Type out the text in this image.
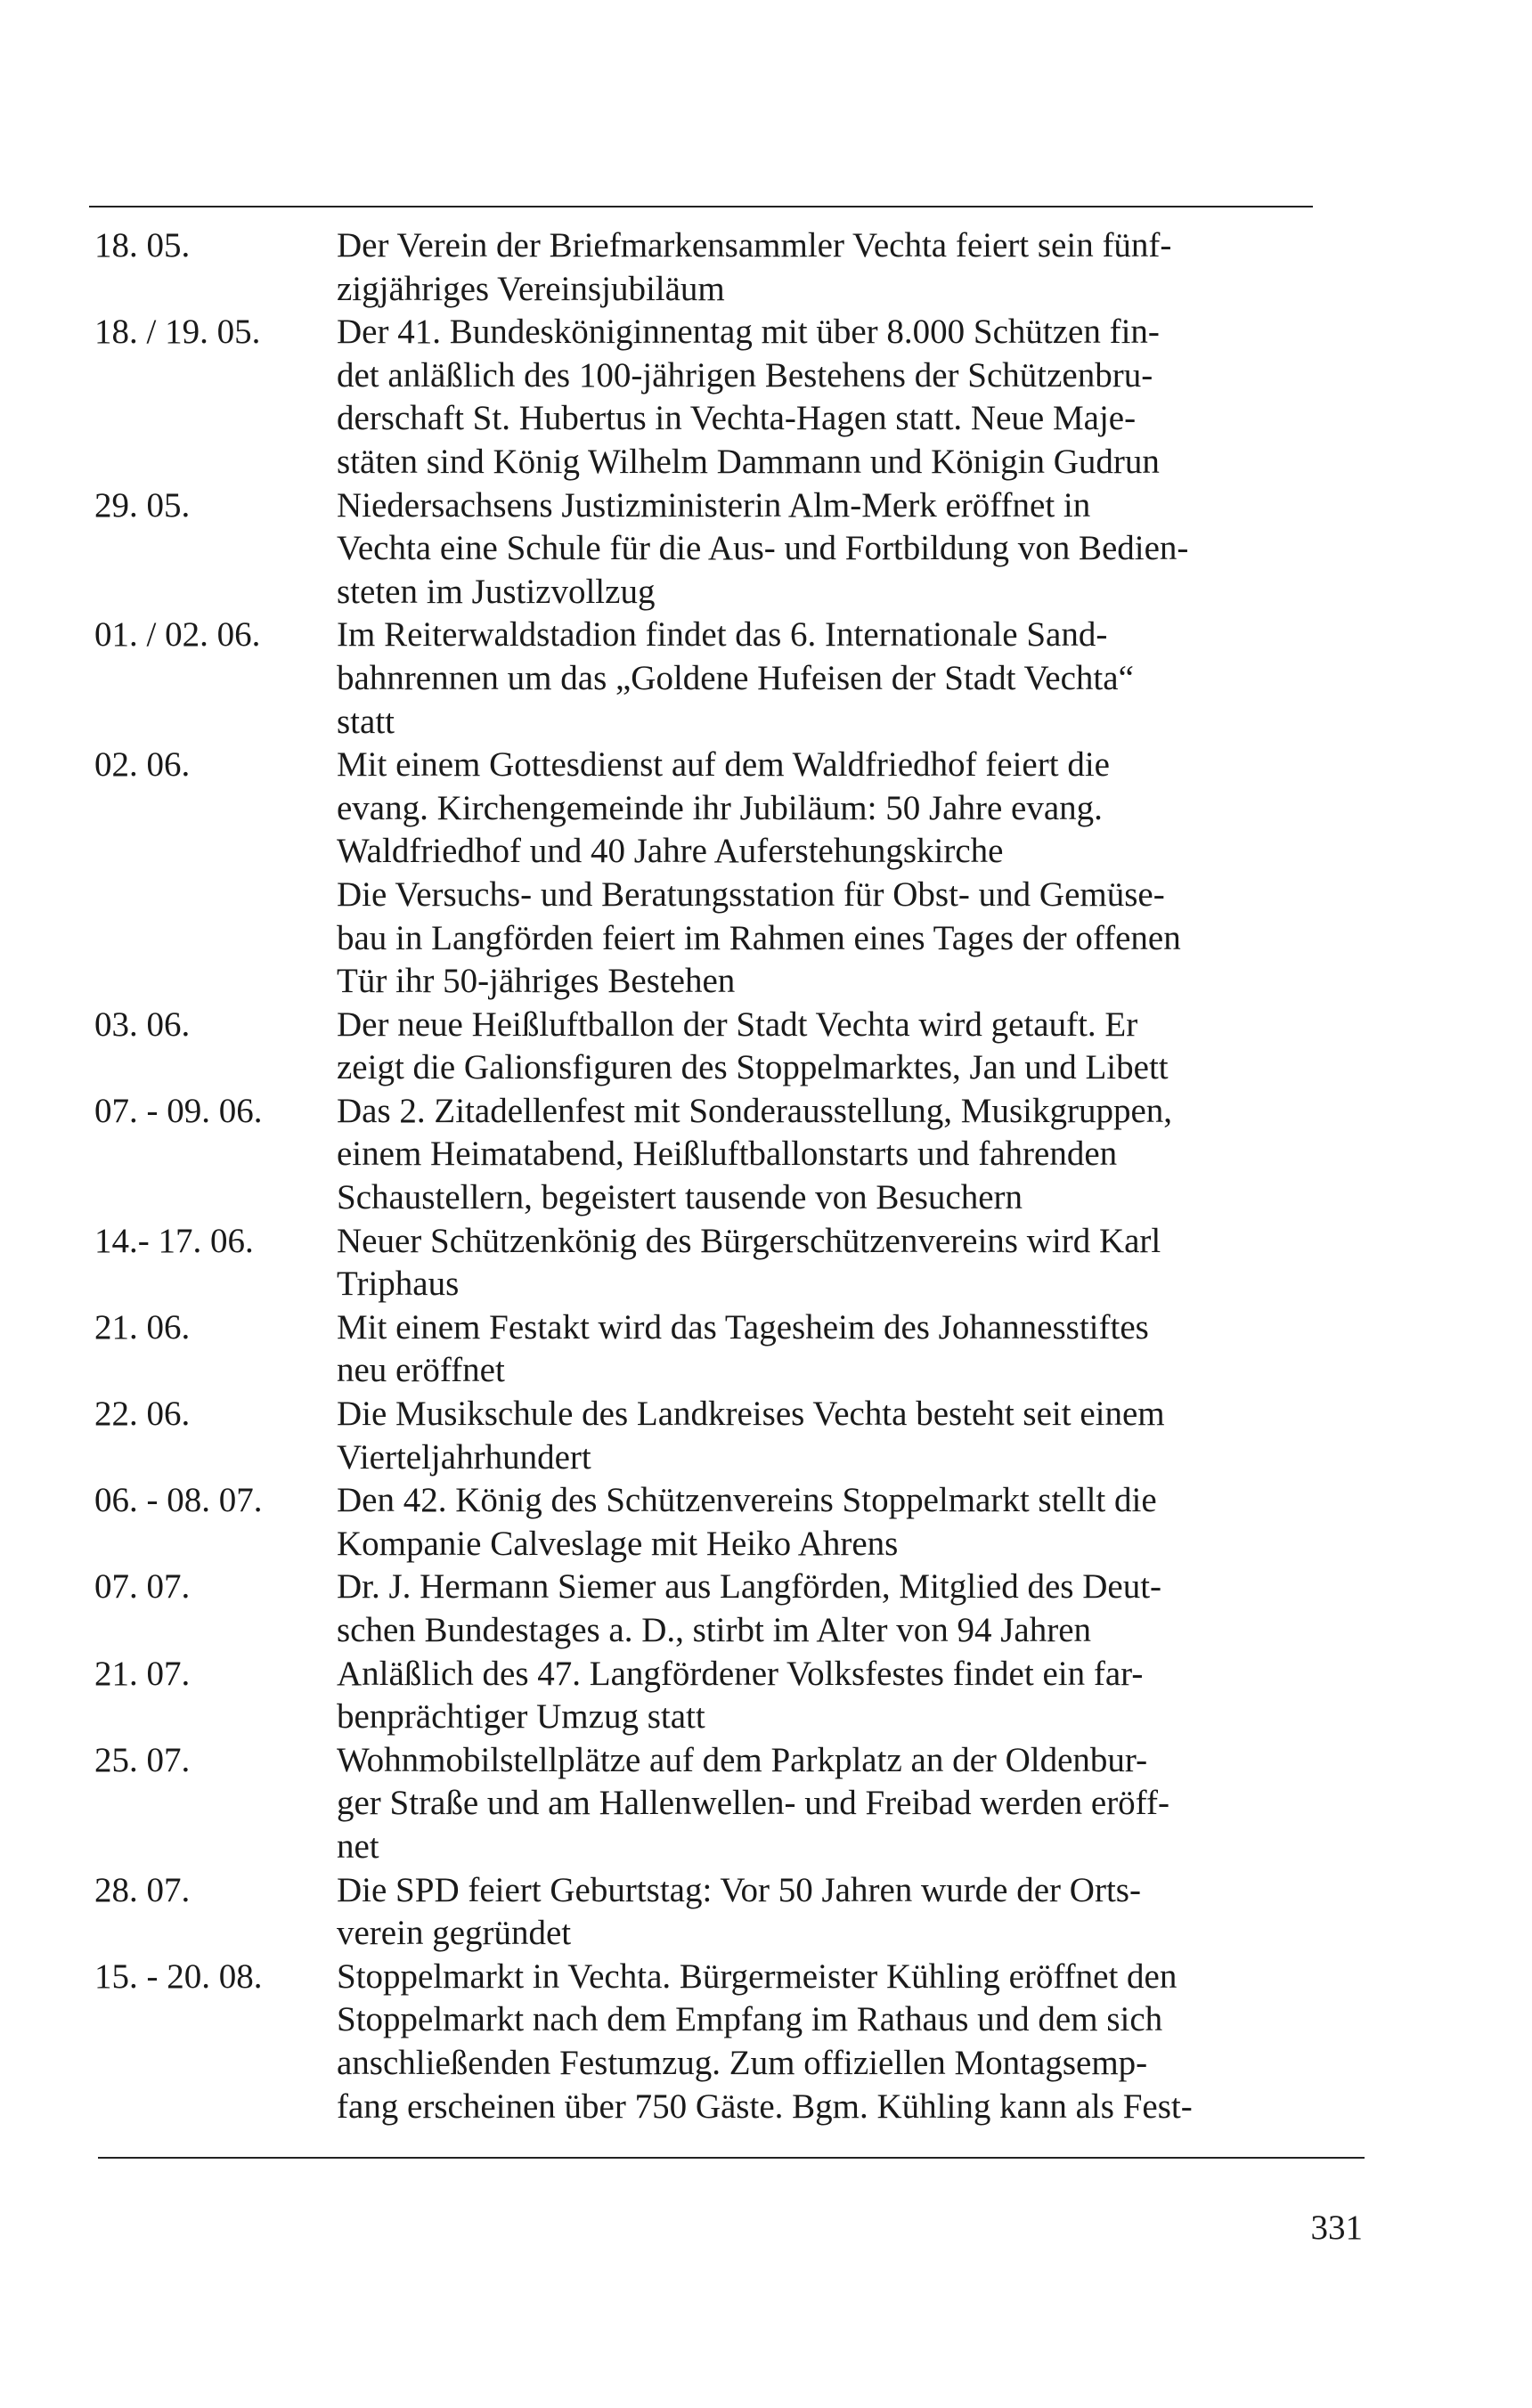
18. 05.	Der Verein der Briefmarkensammler Vechta feiert sein fünf-
zigjähriges Vereinsjubiläum
18. / 19. 05.	Der 41. Bundesköniginnentag mit über 8.000 Schützen fin-
det anläßlich des 100-jährigen Bestehens der Schützenbru-
derschaft St. Hubertus in Vechta-Hagen statt. Neue Maje-
stäten sind König Wilhelm Dammann und Königin Gudrun
29. 05.	Niedersachsens Justizministerin Alm-Merk eröffnet in
Vechta eine Schule für die Aus- und Fortbildung von Bedien-
steten im Justizvollzug
01. / 02. 06.	Im Reiterwaldstadion findet das 6. Internationale Sand-
bahnrennen um das „Goldene Hufeisen der Stadt Vechta“
statt
02. 06.	Mit einem Gottesdienst auf dem Waldfriedhof feiert die
evang. Kirchengemeinde ihr Jubiläum: 50 Jahre evang.
Waldfriedhof und 40 Jahre Auferstehungskirche
Die Versuchs- und Beratungsstation für Obst- und Gemüse-
bau in Langförden feiert im Rahmen eines Tages der offenen
Tür ihr 50-jähriges Bestehen
03. 06.	Der neue Heißluftballon der Stadt Vechta wird getauft. Er
zeigt die Galionsfiguren des Stoppelmarktes, Jan und Libett
07. - 09. 06.	Das 2. Zitadellenfest mit Sonderausstellung, Musikgruppen,
einem Heimatabend, Heißluftballonstarts und fahrenden
Schaustellern, begeistert tausende von Besuchern
14.- 17. 06.	Neuer Schützenkönig des Bürgerschützenvereins wird Karl
Triphaus
21. 06.	Mit einem Festakt wird das Tagesheim des Johannesstiftes
neu eröffnet
22. 06.	Die Musikschule des Landkreises Vechta besteht seit einem
Vierteljahrhundert
06. - 08. 07.	Den 42. König des Schützenvereins Stoppelmarkt stellt die
Kompanie Calveslage mit Heiko Ahrens
07. 07.	Dr. J. Hermann Siemer aus Langförden, Mitglied des Deut-
schen Bundestages a. D., stirbt im Alter von 94 Jahren
21. 07.	Anläßlich des 47. Langfördener Volksfestes findet ein far-
benprächtiger Umzug statt
25. 07.	Wohnmobilstellplätze auf dem Parkplatz an der Oldenbur-
ger Straße und am Hallenwellen- und Freibad werden eröff-
net
28. 07.	Die SPD feiert Geburtstag: Vor 50 Jahren wurde der Orts-
verein gegründet
15. - 20. 08.	Stoppelmarkt in Vechta. Bürgermeister Kühling eröffnet den
Stoppelmarkt nach dem Empfang im Rathaus und dem sich
anschließenden Festumzug. Zum offiziellen Montagsemp-
fang erscheinen über 750 Gäste. Bgm. Kühling kann als Fest-
331
